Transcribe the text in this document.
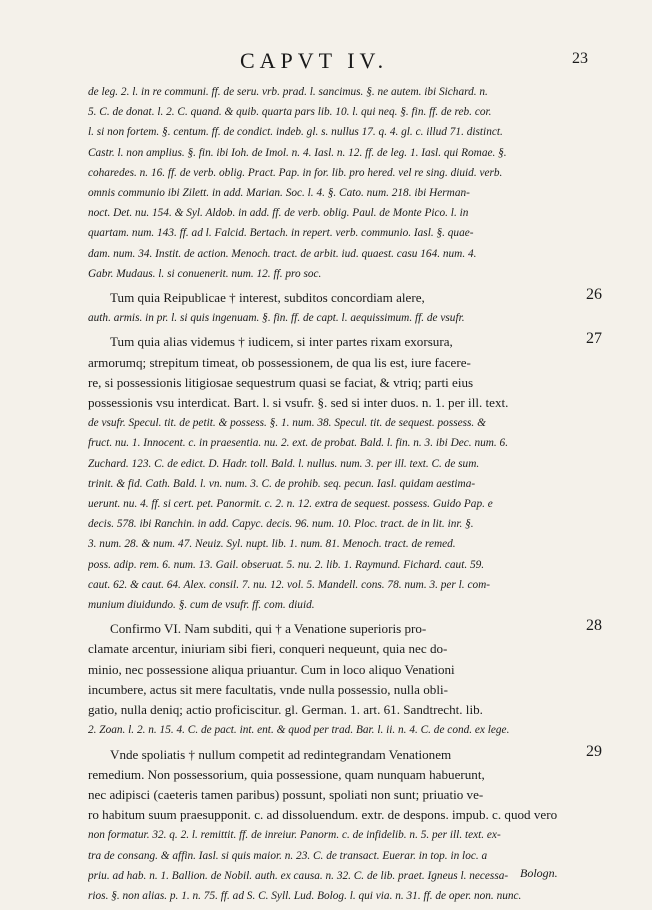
CAPVT IV.	23
de leg. 2. l. in re communi. ff. de seru. vrb. prad. l. sancimus. §. ne autem. ibi Sichard. n.
5. C. de donat. l. 2. C. quand. & quib. quarta pars lib. 10. l. qui neq. §. fin. ff. de reb. cor.
l. si non fortem. §. centum. ff. de condict. indeb. gl. s. nullus 17. q. 4. gl. c. illud 71. distinct.
Castr. l. non amplius. §. fin. ibi Ioh. de Imol. n. 4. Iasl. n. 12. ff. de leg. 1. Iasl. qui Romae. §.
coharedes. n. 16. ff. de verb. oblig. Pract. Pap. in for. lib. pro hered. vel re sing. diuid. verb.
omnis communio ibi Zilett. in add. Marian. Soc. l. 4. §. Cato. num. 218. ibi Herman-
noct. Det. nu. 154. & Syl. Aldob. in add. ff. de verb. oblig. Paul. de Monte Pico. l. in
quartam. num. 143. ff. ad l. Falcid. Bertach. in repert. verb. communio. Iasl. §. quae-
dam. num. 34. Instit. de action. Menoch. tract. de arbit. iud. quaest. casu 164. num. 4.
Gabr. Mudaus. l. si conuenerit. num. 12. ff. pro soc.
Tum quia Reipublicae † interest, subditos concordiam alere,
auth. armis. in pr. l. si quis ingenuam. §. fin. ff. de capt. l. aequissimum. ff. de vsufr.
Tum quia alias videmus † iudicem, si inter partes rixam exorsura,
armorumq; strepitum timeat, ob possessionem, de qua lis est, iure facere-
re, si possessionis litigiosae sequestrum quasi se faciat, & vtriq; parti eius
possessionis vsu interdicat. Bart. l. si vsufr. §. sed si inter duos. n. 1. per ill. text.
de vsufr. Specul. tit. de petit. & possess. §. 1. num. 38. Specul. tit. de sequest. possess. &
fruct. nu. 1. Innocent. c. in praesentia. nu. 2. ext. de probat. Bald. l. fin. n. 3. ibi Dec. num. 6.
Zuchard. 123. C. de edict. D. Hadr. toll. Bald. l. nullus. num. 3. per ill. text. C. de sum.
trinit. & fid. Cath. Bald. l. vn. num. 3. C. de prohib. seq. pecun. Iasl. quidam aestima-
uerunt. nu. 4. ff. si cert. pet. Panormit. c. 2. n. 12. extra de sequest. possess. Guido Pap. e
decis. 578. ibi Ranchin. in add. Capyc. decis. 96. num. 10. Ploc. tract. de in lit. inr. §.
3. num. 28. & num. 47. Neuiz. Syl. nupt. lib. 1. num. 81. Menoch. tract. de remed.
poss. adip. rem. 6. num. 13. Gail. obseruat. 5. nu. 2. lib. 1. Raymund. Fichard. caut. 59.
caut. 62. & caut. 64. Alex. consil. 7. nu. 12. vol. 5. Mandell. cons. 78. num. 3. per l. com-
munium diuidundo. §. cum de vsufr. ff. com. diuid.
Confirmo VI. Nam subditi, qui † a Venatione superioris pro-
clamate arcentur, iniuriam sibi fieri, conqueri nequeunt, quia nec do-
minio, nec possessione aliqua priuantur. Cum in loco aliquo Venationi
incumbere, actus sit mere facultatis, vnde nulla possessio, nulla obli-
gatio, nulla deniq; actio proficiscitur. gl. German. 1. art. 61. Sandtrecht. lib.
2. Zoan. l. 2. n. 15. 4. C. de pact. int. ent. & quod per trad. Bar. l. ii. n. 4. C. de cond. ex lege.
Vnde spoliatis † nullum competit ad redintegrandam Venationem
remedium. Non possessorium, quia possessione, quam nunquam habuerunt,
nec adipisci (caeteris tamen paribus) possunt, spoliati non sunt; priuatio ve-
ro habitum suum praesupponit. c. ad dissoluendum. extr. de despons. impub. c. quod vero
non formatur. 32. q. 2. l. remittit. ff. de inreiur. Panorm. c. de infidelib. n. 5. per ill. text. ex-
tra de consang. & affin. Iasl. si quis maior. n. 23. C. de transact. Euerar. in top. in loc. a
priu. ad hab. n. 1. Ballion. de Nobil. auth. ex causa. n. 32. C. de lib. praet. Igneus l. necessa-
rios. §. non alias. p. 1. n. 75. ff. ad S. C. Syll. Lud. Bolog. l. qui via. n. 31. ff. de oper. non. nunc.
26
27
28
29
Bologn.
